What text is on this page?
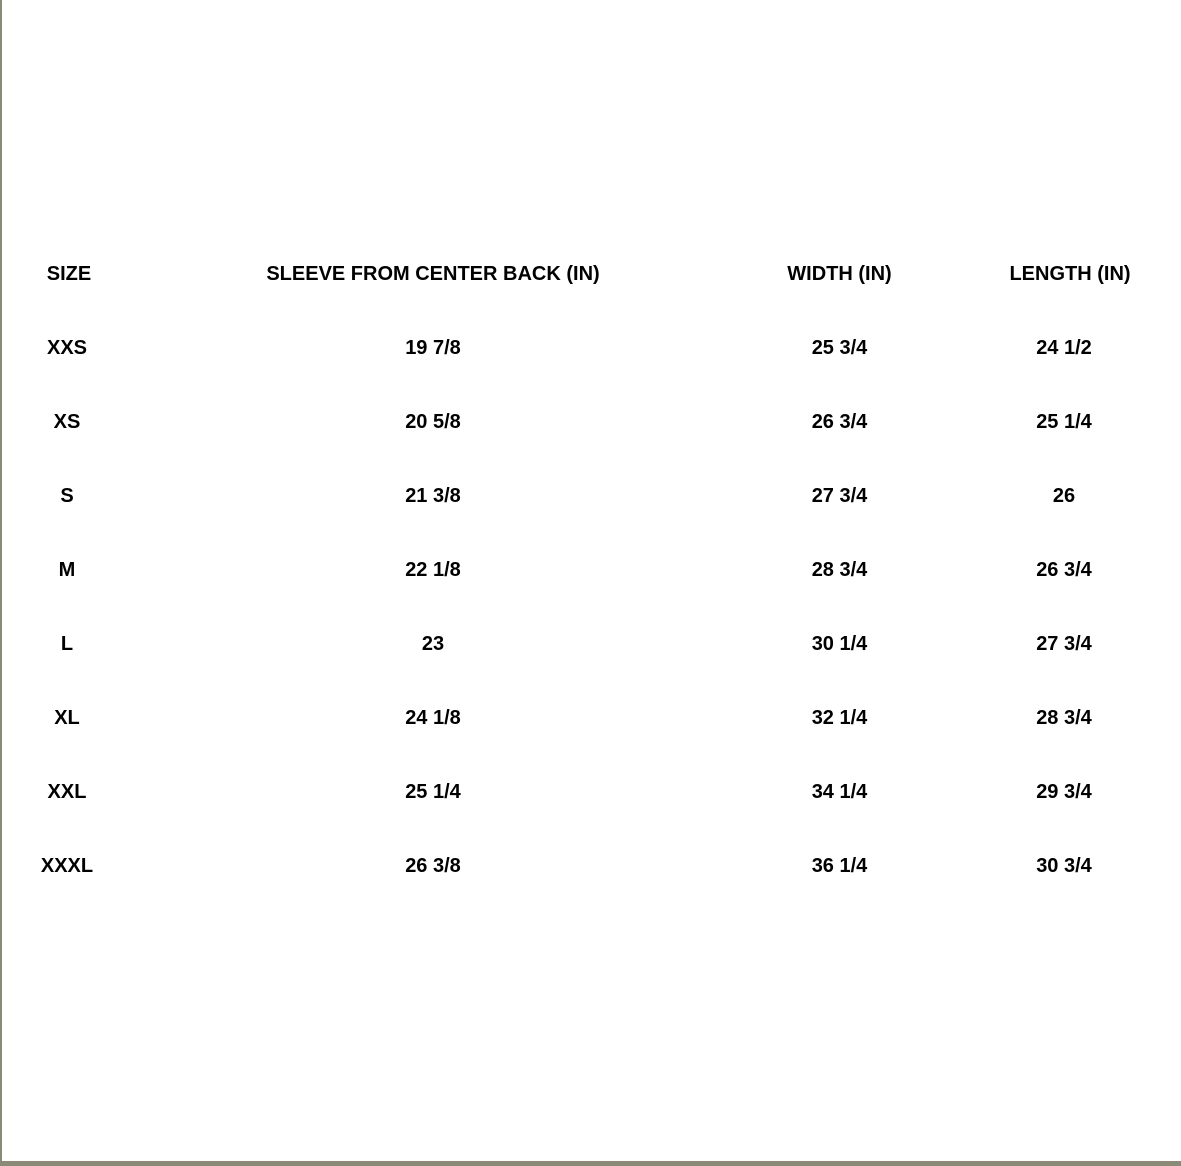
SIZE	SLEEVE FROM CENTER BACK (IN)	WIDTH (IN)	LENGTH (IN)
XXS	19 7/8	25 3/4	24 1/2
XS	20 5/8	26 3/4	25 1/4
S	21 3/8	27 3/4	26
M	22 1/8	28 3/4	26 3/4
L	23	30 1/4	27 3/4
XL	24 1/8	32 1/4	28 3/4
XXL	25 1/4	34 1/4	29 3/4
XXXL	26 3/8	36 1/4	30 3/4
